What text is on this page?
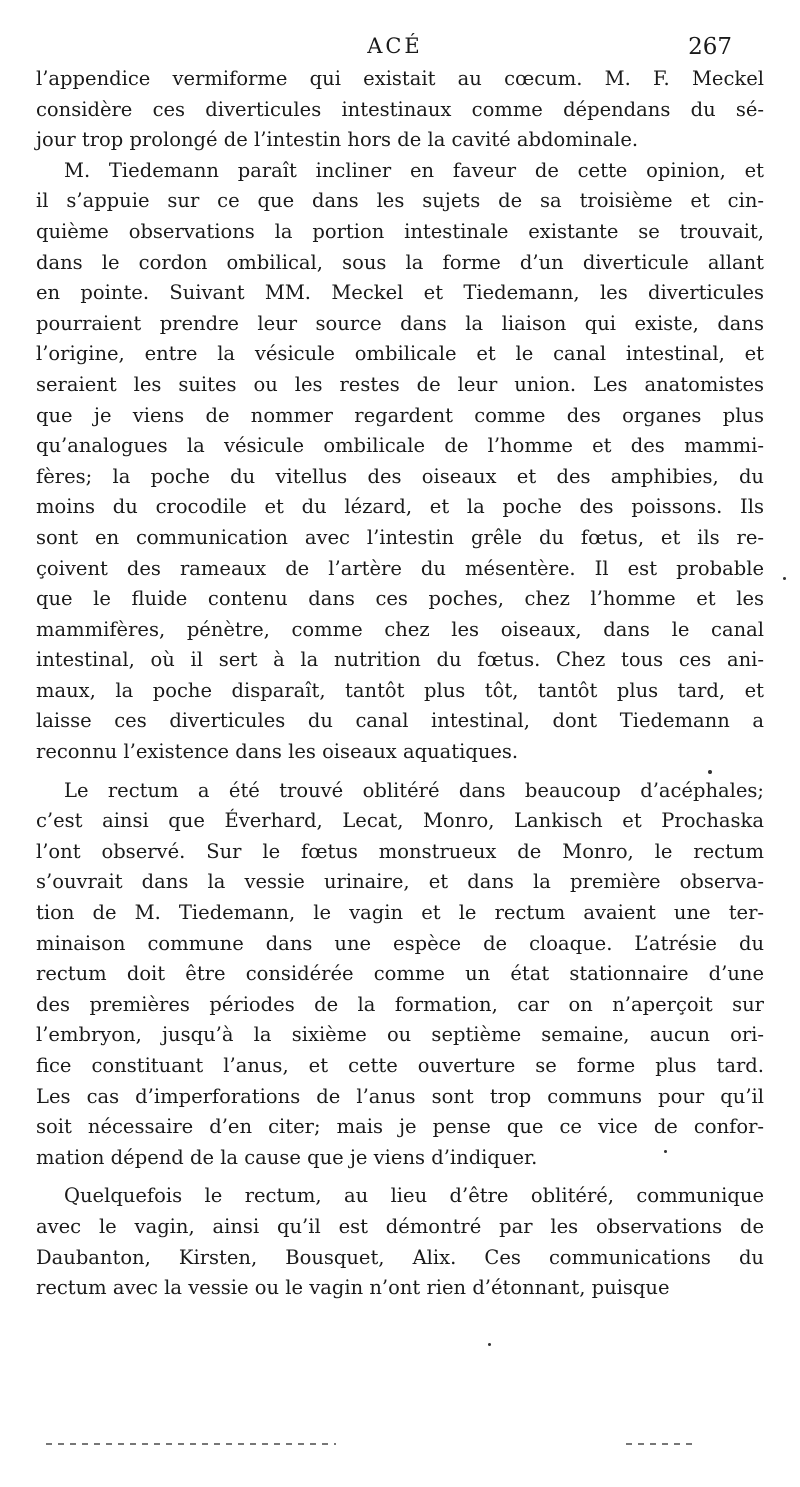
ACÉ	267
l’appendice vermiforme qui existait au cœcum. M. F. Meckel
considère ces diverticules intestinaux comme dépendans du sé-
jour trop prolongé de l’intestin hors de la cavité abdominale.
M. Tiedemann paraît incliner en faveur de cette opinion, et
il s’appuie sur ce que dans les sujets de sa troisième et cin-
quième observations la portion intestinale existante se trouvait,
dans le cordon ombilical, sous la forme d’un diverticule allant
en pointe. Suivant MM. Meckel et Tiedemann, les diverticules
pourraient prendre leur source dans la liaison qui existe, dans
l’origine, entre la vésicule ombilicale et le canal intestinal, et
seraient les suites ou les restes de leur union. Les anatomistes
que je viens de nommer regardent comme des organes plus
qu’analogues la vésicule ombilicale de l’homme et des mammi-
fères; la poche du vitellus des oiseaux et des amphibies, du
moins du crocodile et du lézard, et la poche des poissons. Ils
sont en communication avec l’intestin grêle du fœtus, et ils re-
çoivent des rameaux de l’artère du mésentère. Il est probable
que le fluide contenu dans ces poches, chez l’homme et les
mammifères, pénètre, comme chez les oiseaux, dans le canal
intestinal, où il sert à la nutrition du fœtus. Chez tous ces ani-
maux, la poche disparaît, tantôt plus tôt, tantôt plus tard, et
laisse ces diverticules du canal intestinal, dont Tiedemann a
reconnu l’existence dans les oiseaux aquatiques.
Le rectum a été trouvé oblitéré dans beaucoup d’acéphales;
c’est ainsi que Éverhard, Lecat, Monro, Lankisch et Prochaska
l’ont observé. Sur le fœtus monstrueux de Monro, le rectum
s’ouvrait dans la vessie urinaire, et dans la première observa-
tion de M. Tiedemann, le vagin et le rectum avaient une ter-
minaison commune dans une espèce de cloaque. L’atrésie du
rectum doit être considérée comme un état stationnaire d’une
des premières périodes de la formation, car on n’aperçoit sur
l’embryon, jusqu’à la sixième ou septième semaine, aucun ori-
fice constituant l’anus, et cette ouverture se forme plus tard.
Les cas d’imperforations de l’anus sont trop communs pour qu’il
soit nécessaire d’en citer; mais je pense que ce vice de confor-
mation dépend de la cause que je viens d’indiquer.
Quelquefois le rectum, au lieu d’être oblitéré, communique
avec le vagin, ainsi qu’il est démontré par les observations de
Daubanton, Kirsten, Bousquet, Alix. Ces communications du
rectum avec la vessie ou le vagin n’ont rien d’étonnant, puisque
